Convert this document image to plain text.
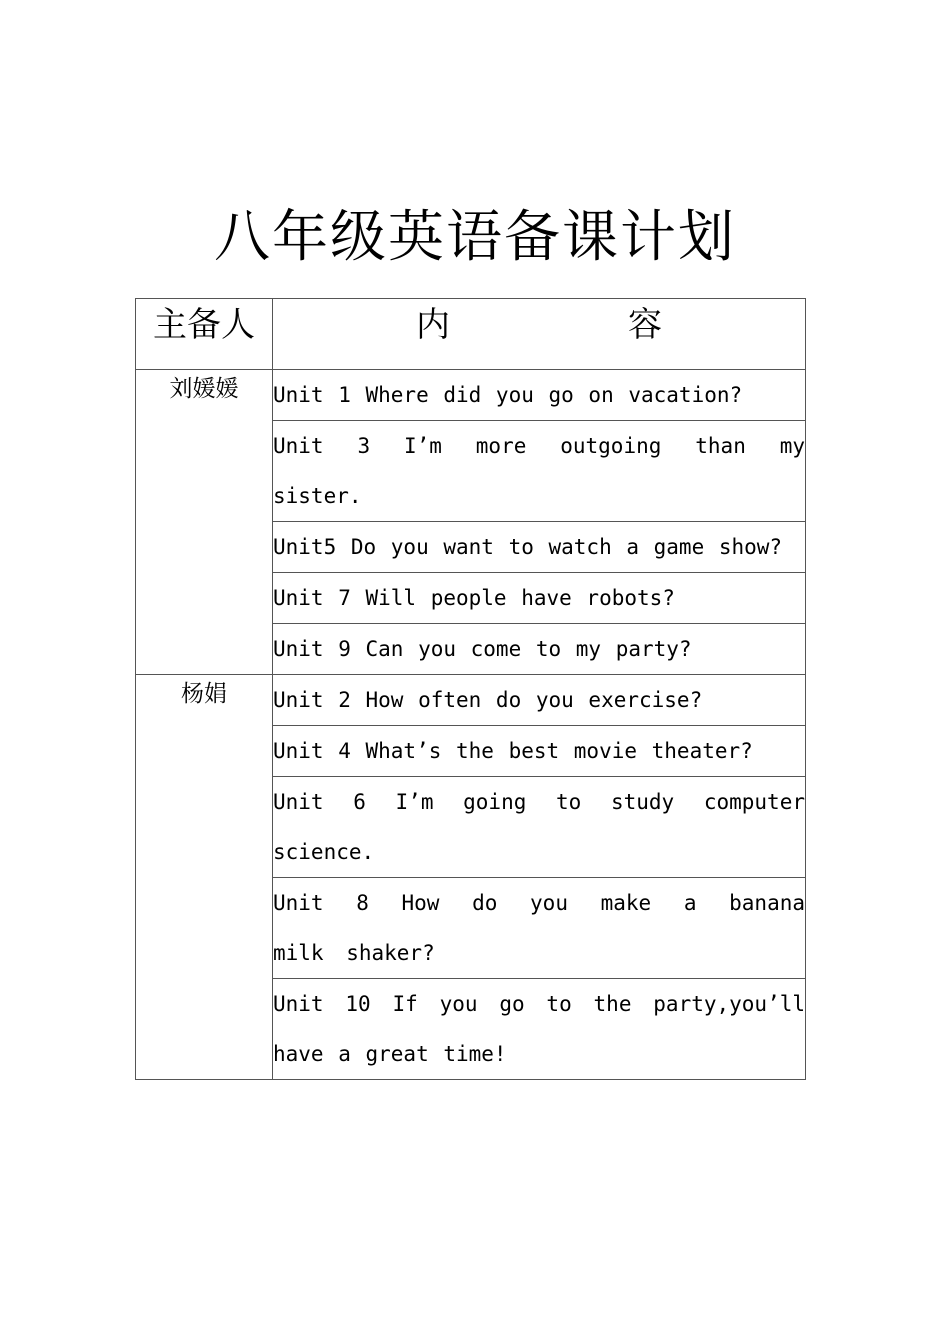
八年级英语备课计划
主备人	内 容
刘媛媛	Unit 1 Where did you go on vacation?
	Unit 3 I’m more outgoing than my sister.
	Unit5 Do you want to watch a game show?
	Unit 7 Will people have robots?
	Unit 9 Can you come to my party?
杨娟	Unit 2 How often do you exercise?
	Unit 4 What’s the best movie theater?
	Unit 6 I’m going to study computer science.
	Unit 8 How do you make a banana milk shaker?
	Unit 10 If you go to the party,you’ll have a great time!
